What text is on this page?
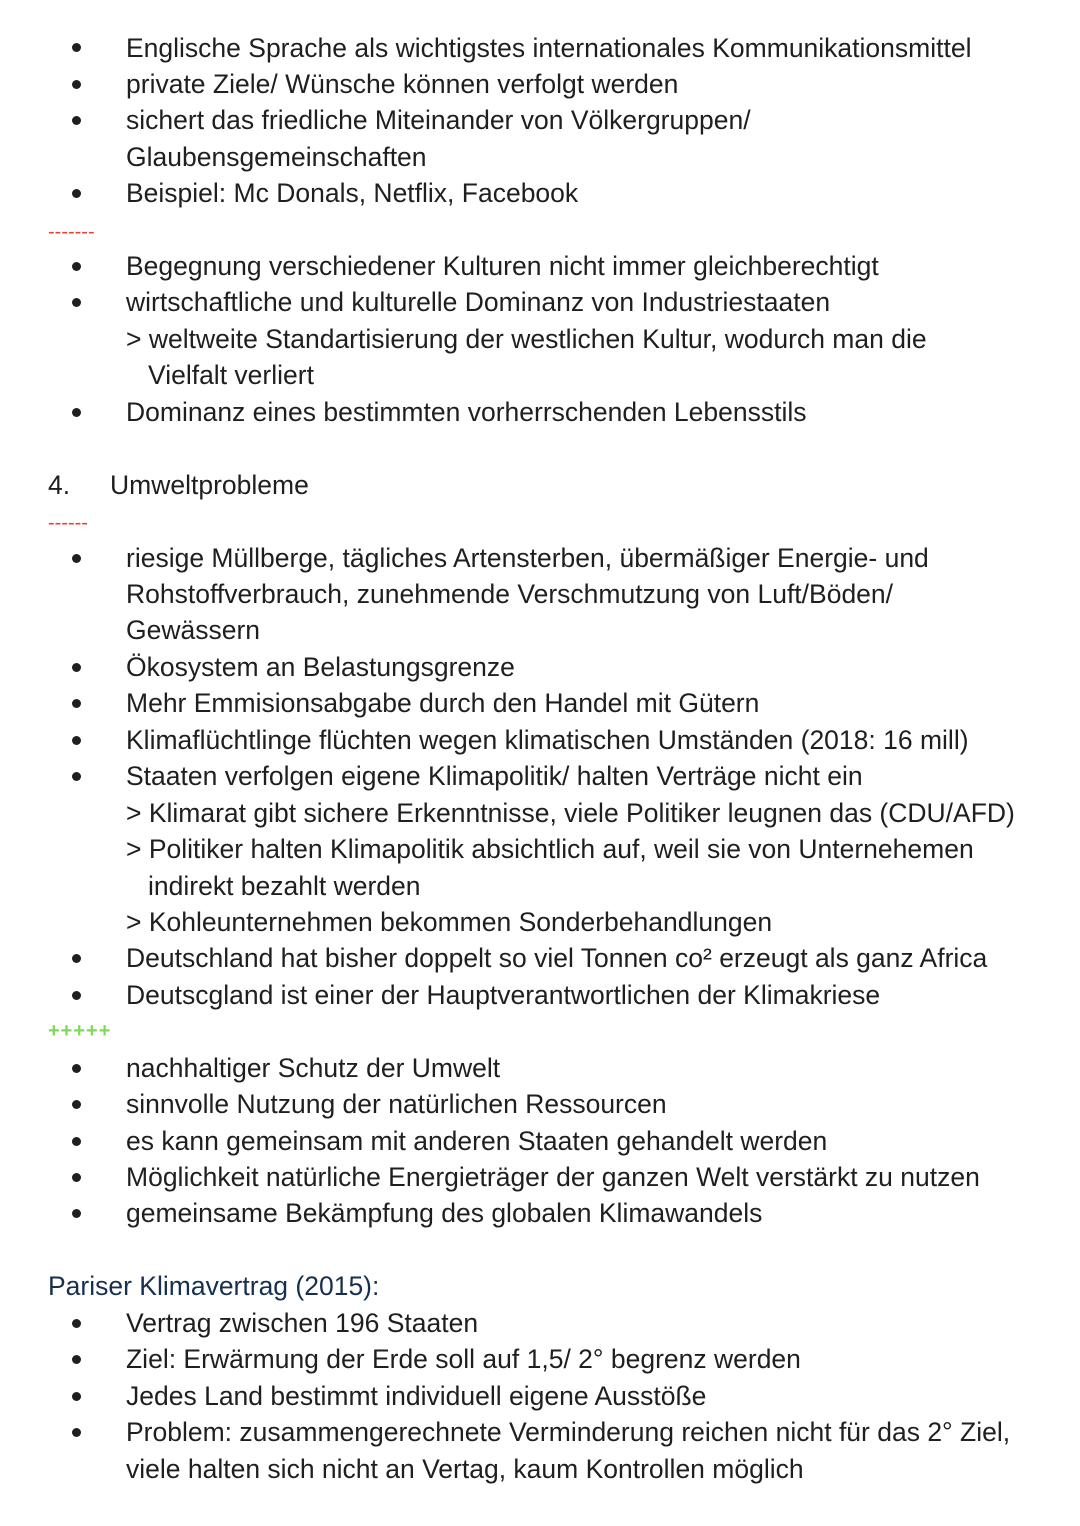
Englische Sprache als wichtigstes internationales Kommunikationsmittel
private Ziele/ Wünsche können verfolgt werden
sichert das friedliche Miteinander von Völkergruppen/
Glaubensgemeinschaften
Beispiel: Mc Donals, Netflix, Facebook
-------
Begegnung verschiedener Kulturen nicht immer gleichberechtigt
wirtschaftliche und kulturelle Dominanz von Industriestaaten
> weltweite Standartisierung der westlichen Kultur, wodurch man die
Vielfalt verliert
Dominanz eines bestimmten vorherrschenden Lebensstils
4. Umweltprobleme
------
riesige Müllberge, tägliches Artensterben, übermäßiger Energie- und
Rohstoffverbrauch, zunehmende Verschmutzung von Luft/Böden/
Gewässern
Ökosystem an Belastungsgrenze
Mehr Emmisionsabgabe durch den Handel mit Gütern
Klimaflüchtlinge flüchten wegen klimatischen Umständen (2018: 16 mill)
Staaten verfolgen eigene Klimapolitik/ halten Verträge nicht ein
> Klimarat gibt sichere Erkenntnisse, viele Politiker leugnen das (CDU/AFD)
> Politiker halten Klimapolitik absichtlich auf, weil sie von Unternehemen
indirekt bezahlt werden
> Kohleunternehmen bekommen Sonderbehandlungen
Deutschland hat bisher doppelt so viel Tonnen co² erzeugt als ganz Africa
Deutscgland ist einer der Hauptverantwortlichen der Klimakriese
+++++
nachhaltiger Schutz der Umwelt
sinnvolle Nutzung der natürlichen Ressourcen
es kann gemeinsam mit anderen Staaten gehandelt werden
Möglichkeit natürliche Energieträger der ganzen Welt verstärkt zu nutzen
gemeinsame Bekämpfung des globalen Klimawandels
Pariser Klimavertrag (2015):
Vertrag zwischen 196 Staaten
Ziel: Erwärmung der Erde soll auf 1,5/ 2° begrenz werden
Jedes Land bestimmt individuell eigene Ausstöße
Problem: zusammengerechnete Verminderung reichen nicht für das 2° Ziel,
viele halten sich nicht an Vertag, kaum Kontrollen möglich
